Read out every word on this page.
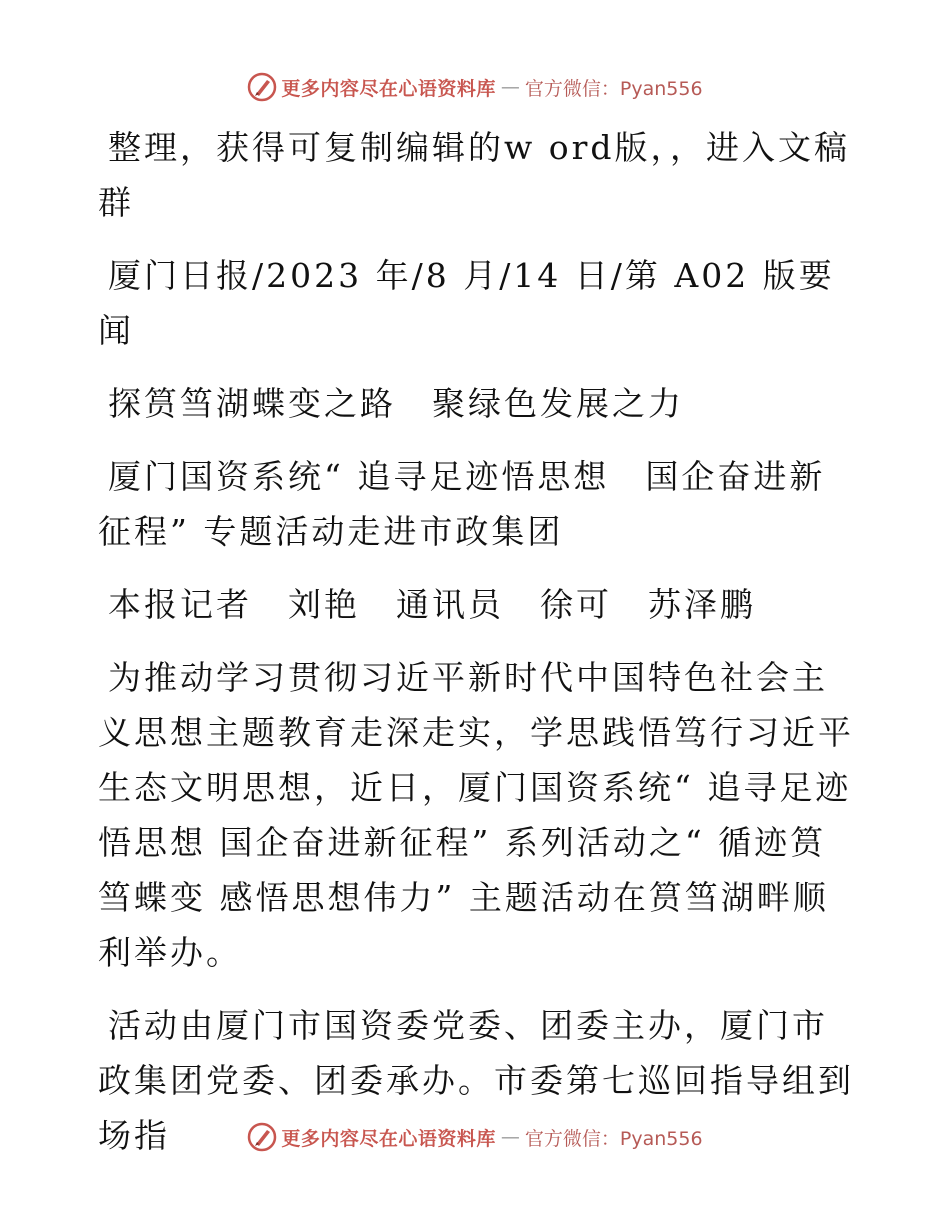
更多内容尽在心语资料库 — 官方微信：Pyan556

整理，获得可复制编辑的w ord版，，进入文稿群

厦门日报/2023 年/8 月/14 日/第 A02 版要闻

探筼筜湖蝶变之路　聚绿色发展之力

厦门国资系统“ 追寻足迹悟思想　国企奋进新征程” 专题活动走进市政集团

本报记者　刘艳　通讯员　徐可　苏泽鹏

为推动学习贯彻习近平新时代中国特色社会主义思想主题教育走深走实，学思践悟笃行习近平生态文明思想，近日，厦门国资系统“ 追寻足迹悟思想 国企奋进新征程” 系列活动之“ 循迹筼筜蝶变 感悟思想伟力” 主题活动在筼筜湖畔顺利举办。

活动由厦门市国资委党委、团委主办，厦门市政集团党委、团委承办。市委第七巡回指导组到场指	更多内容尽在心语资料库 — 官方微信：Pyan556
